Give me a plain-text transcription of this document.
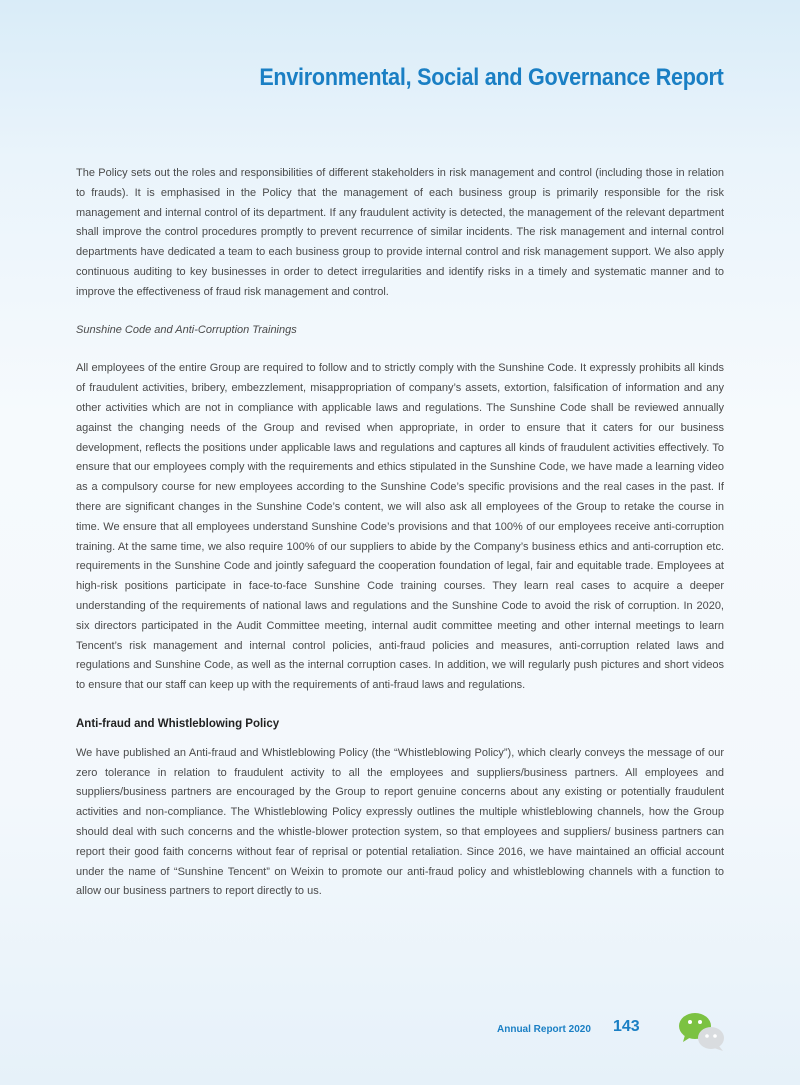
Environmental, Social and Governance Report

The Policy sets out the roles and responsibilities of different stakeholders in risk management and control (including those in relation to frauds). It is emphasised in the Policy that the management of each business group is primarily responsible for the risk management and internal control of its department. If any fraudulent activity is detected, the management of the relevant department shall improve the control procedures promptly to prevent recurrence of similar incidents. The risk management and internal control departments have dedicated a team to each business group to provide internal control and risk management support. We also apply continuous auditing to key businesses in order to detect irregularities and identify risks in a timely and systematic manner and to improve the effectiveness of fraud risk management and control.

Sunshine Code and Anti-Corruption Trainings

All employees of the entire Group are required to follow and to strictly comply with the Sunshine Code. It expressly prohibits all kinds of fraudulent activities, bribery, embezzlement, misappropriation of company’s assets, extortion, falsification of information and any other activities which are not in compliance with applicable laws and regulations. The Sunshine Code shall be reviewed annually against the changing needs of the Group and revised when appropriate, in order to ensure that it caters for our business development, reflects the positions under applicable laws and regulations and captures all kinds of fraudulent activities effectively. To ensure that our employees comply with the requirements and ethics stipulated in the Sunshine Code, we have made a learning video as a compulsory course for new employees according to the Sunshine Code’s specific provisions and the real cases in the past. If there are significant changes in the Sunshine Code’s content, we will also ask all employees of the Group to retake the course in time. We ensure that all employees understand Sunshine Code’s provisions and that 100% of our employees receive anti-corruption training. At the same time, we also require 100% of our suppliers to abide by the Company’s business ethics and anti-corruption etc. requirements in the Sunshine Code and jointly safeguard the cooperation foundation of legal, fair and equitable trade. Employees at high-risk positions participate in face-to-face Sunshine Code training courses. They learn real cases to acquire a deeper understanding of the requirements of national laws and regulations and the Sunshine Code to avoid the risk of corruption. In 2020, six directors participated in the Audit Committee meeting, internal audit committee meeting and other internal meetings to learn Tencent’s risk management and internal control policies, anti-fraud policies and measures, anti-corruption related laws and regulations and Sunshine Code, as well as the internal corruption cases. In addition, we will regularly push pictures and short videos to ensure that our staff can keep up with the requirements of anti-fraud laws and regulations.

Anti-fraud and Whistleblowing Policy

We have published an Anti-fraud and Whistleblowing Policy (the “Whistleblowing Policy”), which clearly conveys the message of our zero tolerance in relation to fraudulent activity to all the employees and suppliers/business partners. All employees and suppliers/business partners are encouraged by the Group to report genuine concerns about any existing or potentially fraudulent activities and non-compliance. The Whistleblowing Policy expressly outlines the multiple whistleblowing channels, how the Group should deal with such concerns and the whistle-blower protection system, so that employees and suppliers/ business partners can report their good faith concerns without fear of reprisal or potential retaliation. Since 2016, we have maintained an official account under the name of “Sunshine Tencent” on Weixin to promote our anti-fraud policy and whistleblowing channels with a function to allow our business partners to report directly to us.

Annual Report 2020 143
